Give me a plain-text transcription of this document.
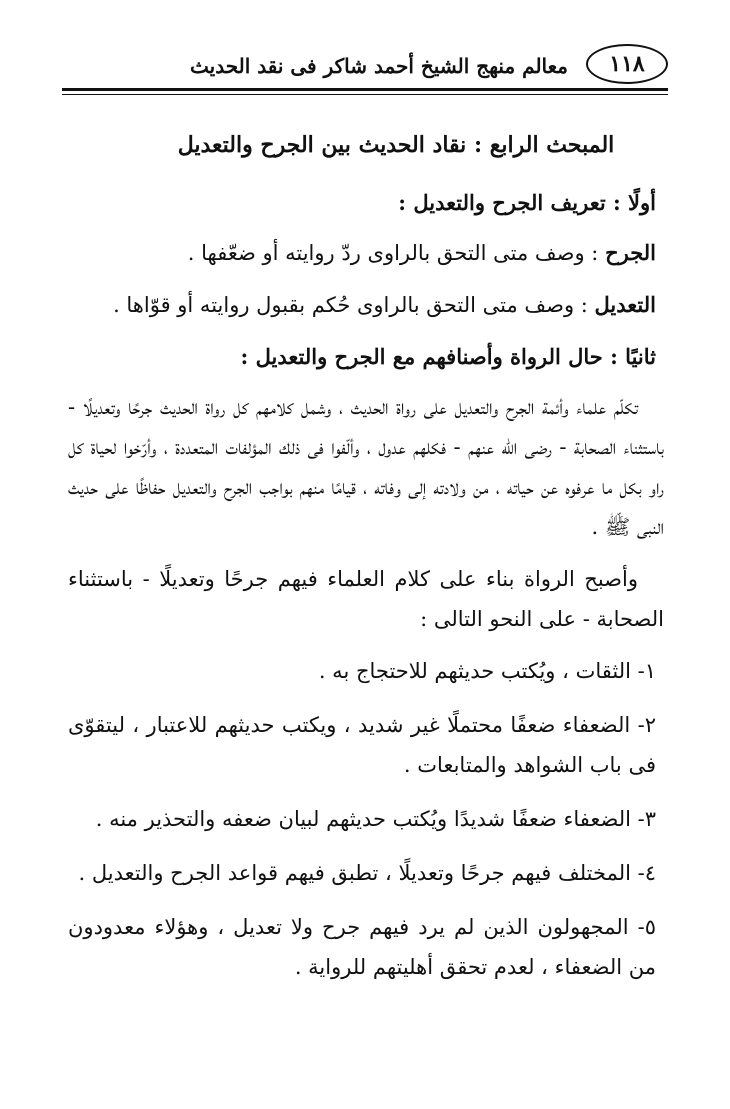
١١٨
معالم منهج الشيخ أحمد شاكر فى نقد الحديث
المبحث الرابع : نقاد الحديث بين الجرح والتعديل
أولًا : تعريف الجرح والتعديل :
الجرح : وصف متى التحق بالراوى ردّ روايته أو ضعّفها .
التعديل : وصف متى التحق بالراوى حُكم بقبول روايته أو قوّاها .
ثانيًا : حال الرواة وأصنافهم مع الجرح والتعديل :
تكلّم علماء وأئمة الجرح والتعديل على رواة الحديث ، وشمل كلامهم كل رواة الحديث جرحًا وتعديلًا - باستثناء الصحابة - رضى اللّه عنهم - فكلهم عدول ، وألّفوا فى ذلك المؤلفات المتعددة ، وأرّخوا لحياة كل راو بكل ما عرفوه عن حياته ، من ولادته إلى وفاته ، قيامًا منهم بواجب الجرح والتعديل حفاظًا على حديث النبى ﷺ .
وأصبح الرواة بناء على كلام العلماء فيهم جرحًا وتعديلًا - باستثناء الصحابة - على النحو التالى :
١- الثقات ، ويُكتب حديثهم للاحتجاج به .
٢- الضعفاء ضعفًا محتملًا غير شديد ، ويكتب حديثهم للاعتبار ، ليتقوّى فى باب الشواهد والمتابعات .
٣- الضعفاء ضعفًا شديدًا ويُكتب حديثهم لبيان ضعفه والتحذير منه .
٤- المختلف فيهم جرحًا وتعديلًا ، تطبق فيهم قواعد الجرح والتعديل .
٥- المجهولون الذين لم يرد فيهم جرح ولا تعديل ، وهؤلاء معدودون من الضعفاء ، لعدم تحقق أهليتهم للرواية .
